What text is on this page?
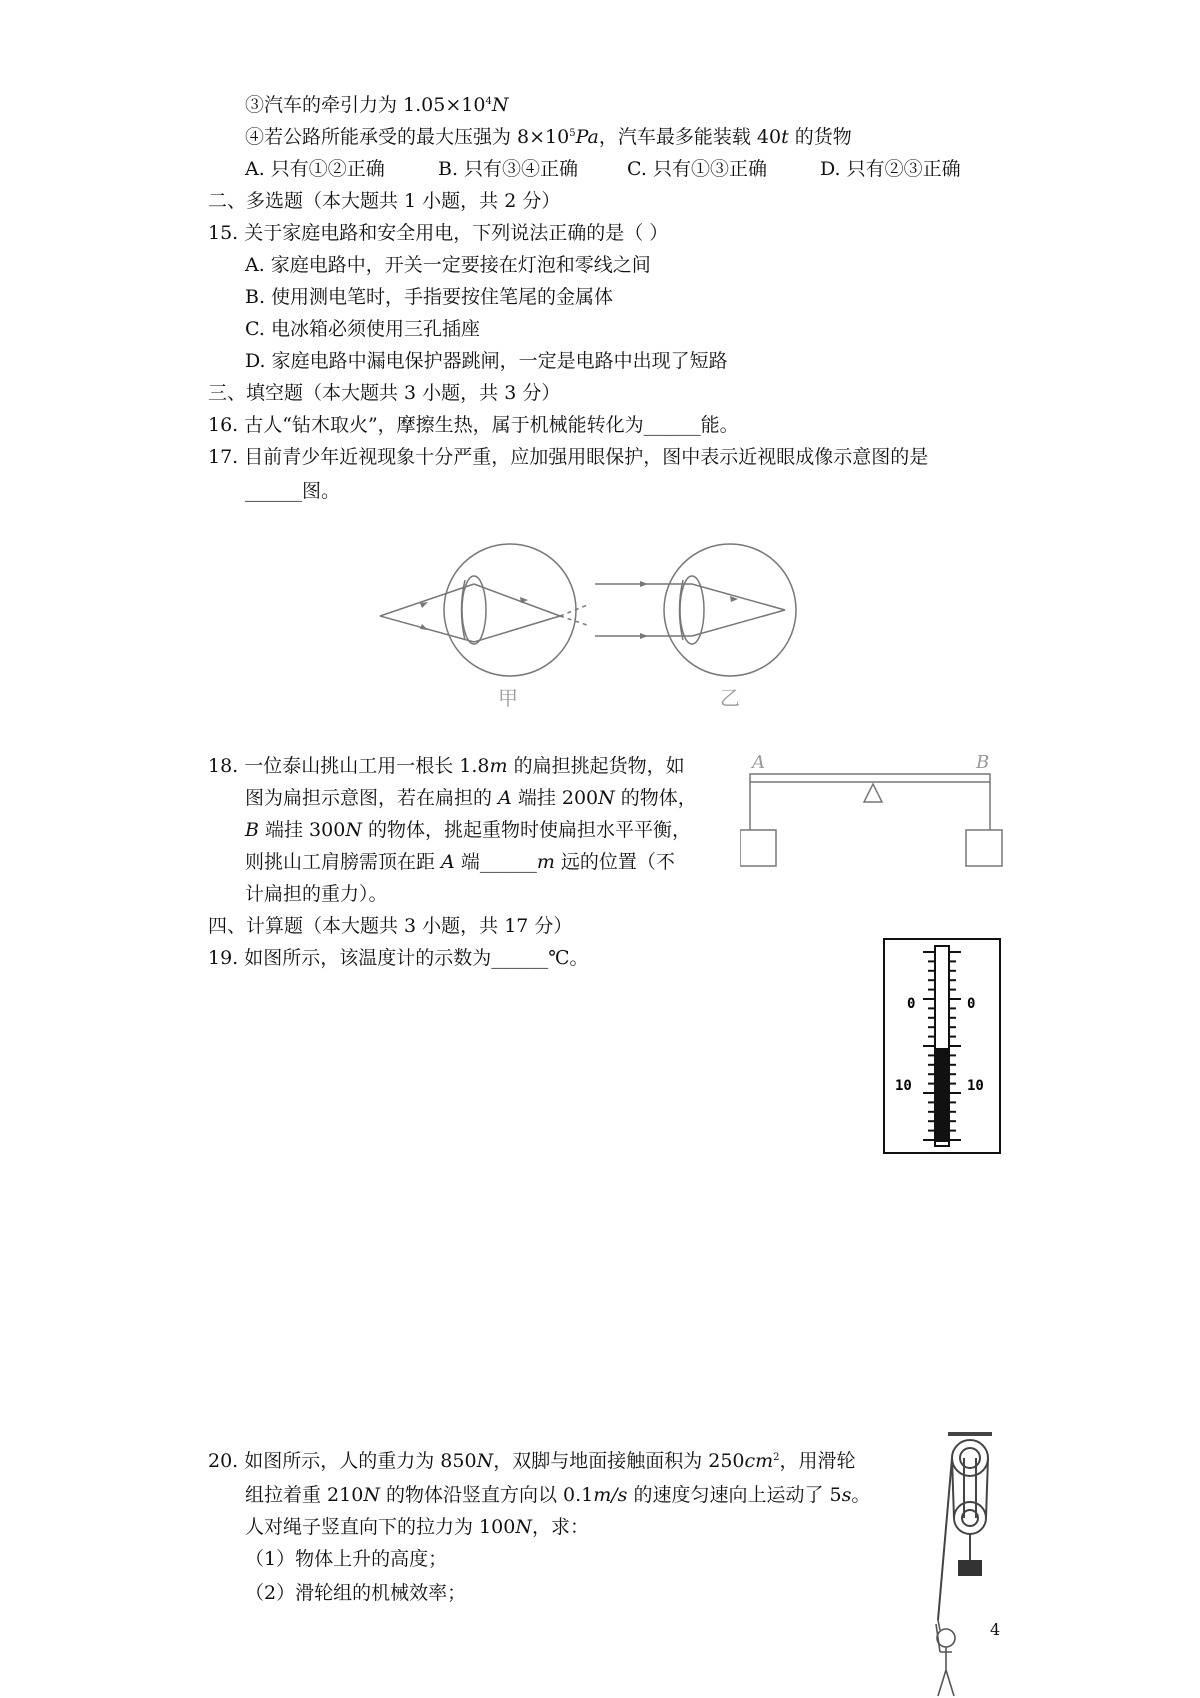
③汽车的牵引力为 $1.05\times 10^4N$
④若公路所能承受的最大压强为 $8\times 10^5Pa$，汽车最多能装载 40t 的货物
A. 只有①②正确	B. 只有③④正确	C. 只有①③正确	D. 只有②③正确
二、多选题（本大题共 1 小题，共 2 分）
15. 关于家庭电路和安全用电，下列说法正确的是（ ）
A. 家庭电路中，开关一定要接在灯泡和零线之间
B. 使用测电笔时，手指要按住笔尾的金属体
C. 电冰箱必须使用三孔插座
D. 家庭电路中漏电保护器跳闸，一定是电路中出现了短路
三、填空题（本大题共 3 小题，共 3 分）
16. 古人“钻木取火”，摩擦生热，属于机械能转化为______能。
17. 目前青少年近视现象十分严重，应加强用眼保护，图中表示近视眼成像示意图的是
______图。
甲	乙
18. 一位泰山挑山工用一根长 1.8m 的扁担挑起货物，如
图为扁担示意图，若在扁担的 A 端挂 200N 的物体，
B 端挂 300N 的物体，挑起重物时使扁担水平平衡，
则挑山工肩膀需顶在距 A 端______m 远的位置（不
计扁担的重力）。
A	B
四、计算题（本大题共 3 小题，共 17 分）
19. 如图所示，该温度计的示数为______℃。
0	0
10	10
20. 如图所示，人的重力为 850N，双脚与地面接触面积为 $250cm^2$，用滑轮
组拉着重 210N 的物体沿竖直方向以 0.1m/s 的速度匀速向上运动了 5s。
人对绳子竖直向下的拉力为 100N，求：
（1）物体上升的高度；
（2）滑轮组的机械效率；
4
